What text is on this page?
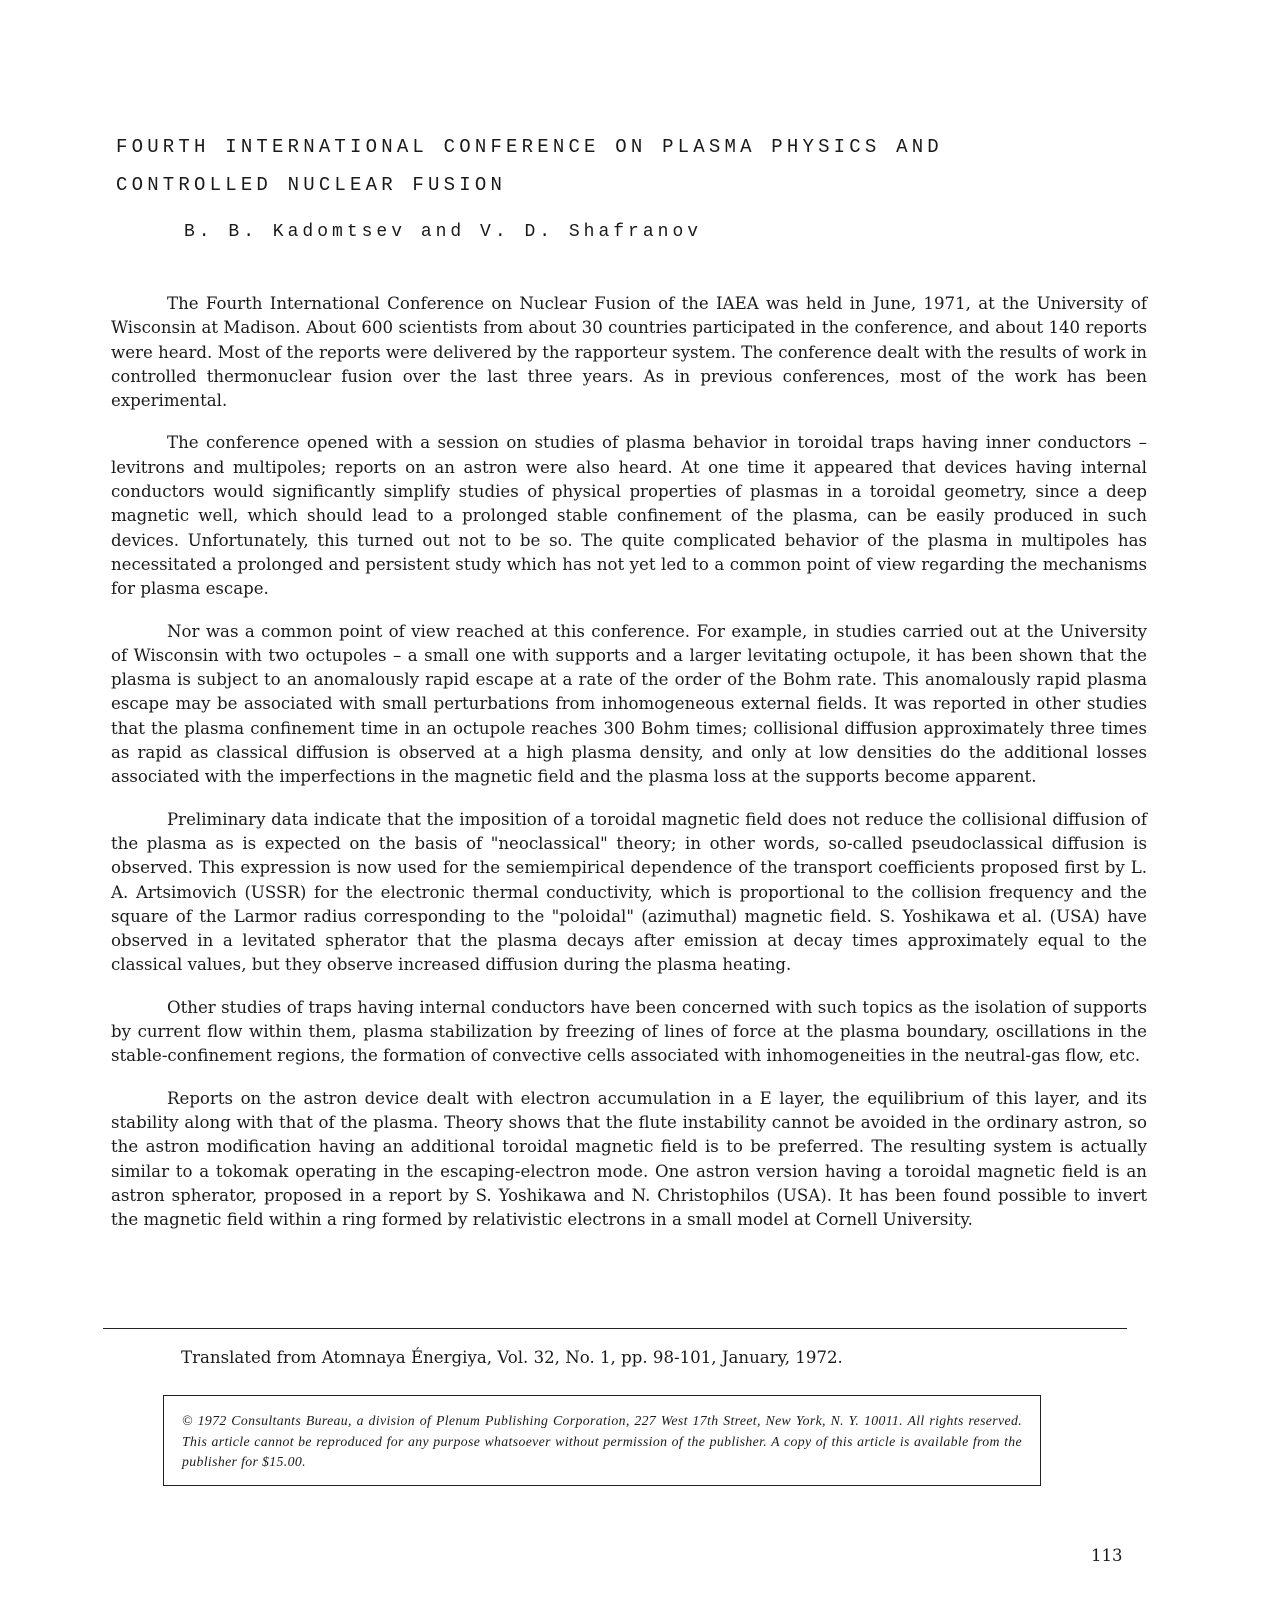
FOURTH INTERNATIONAL CONFERENCE ON PLASMA PHYSICS AND
CONTROLLED NUCLEAR FUSION
B. B. Kadomtsev and V. D. Shafranov

The Fourth International Conference on Nuclear Fusion of the IAEA was held in June, 1971, at the University of Wisconsin at Madison. About 600 scientists from about 30 countries participated in the conference, and about 140 reports were heard. Most of the reports were delivered by the rapporteur system. The conference dealt with the results of work in controlled thermonuclear fusion over the last three years. As in previous conferences, most of the work has been experimental.

The conference opened with a session on studies of plasma behavior in toroidal traps having inner conductors – levitrons and multipoles; reports on an astron were also heard. At one time it appeared that devices having internal conductors would significantly simplify studies of physical properties of plasmas in a toroidal geometry, since a deep magnetic well, which should lead to a prolonged stable confinement of the plasma, can be easily produced in such devices. Unfortunately, this turned out not to be so. The quite complicated behavior of the plasma in multipoles has necessitated a prolonged and persistent study which has not yet led to a common point of view regarding the mechanisms for plasma escape.

Nor was a common point of view reached at this conference. For example, in studies carried out at the University of Wisconsin with two octupoles – a small one with supports and a larger levitating octupole, it has been shown that the plasma is subject to an anomalously rapid escape at a rate of the order of the Bohm rate. This anomalously rapid plasma escape may be associated with small perturbations from inhomogeneous external fields. It was reported in other studies that the plasma confinement time in an octupole reaches 300 Bohm times; collisional diffusion approximately three times as rapid as classical diffusion is observed at a high plasma density, and only at low densities do the additional losses associated with the imperfections in the magnetic field and the plasma loss at the supports become apparent.

Preliminary data indicate that the imposition of a toroidal magnetic field does not reduce the collisional diffusion of the plasma as is expected on the basis of "neoclassical" theory; in other words, so-called pseudoclassical diffusion is observed. This expression is now used for the semiempirical dependence of the transport coefficients proposed first by L. A. Artsimovich (USSR) for the electronic thermal conductivity, which is proportional to the collision frequency and the square of the Larmor radius corresponding to the "poloidal" (azimuthal) magnetic field. S. Yoshikawa et al. (USA) have observed in a levitated spherator that the plasma decays after emission at decay times approximately equal to the classical values, but they observe increased diffusion during the plasma heating.

Other studies of traps having internal conductors have been concerned with such topics as the isolation of supports by current flow within them, plasma stabilization by freezing of lines of force at the plasma boundary, oscillations in the stable-confinement regions, the formation of convective cells associated with inhomogeneities in the neutral-gas flow, etc.

Reports on the astron device dealt with electron accumulation in a E layer, the equilibrium of this layer, and its stability along with that of the plasma. Theory shows that the flute instability cannot be avoided in the ordinary astron, so the astron modification having an additional toroidal magnetic field is to be preferred. The resulting system is actually similar to a tokomak operating in the escaping-electron mode. One astron version having a toroidal magnetic field is an astron spherator, proposed in a report by S. Yoshikawa and N. Christophilos (USA). It has been found possible to invert the magnetic field within a ring formed by relativistic electrons in a small model at Cornell University.

Translated from Atomnaya Énergiya, Vol. 32, No. 1, pp. 98-101, January, 1972.

© 1972 Consultants Bureau, a division of Plenum Publishing Corporation, 227 West 17th Street, New York, N. Y. 10011. All rights reserved. This article cannot be reproduced for any purpose whatsoever without permission of the publisher. A copy of this article is available from the publisher for $15.00.

113
